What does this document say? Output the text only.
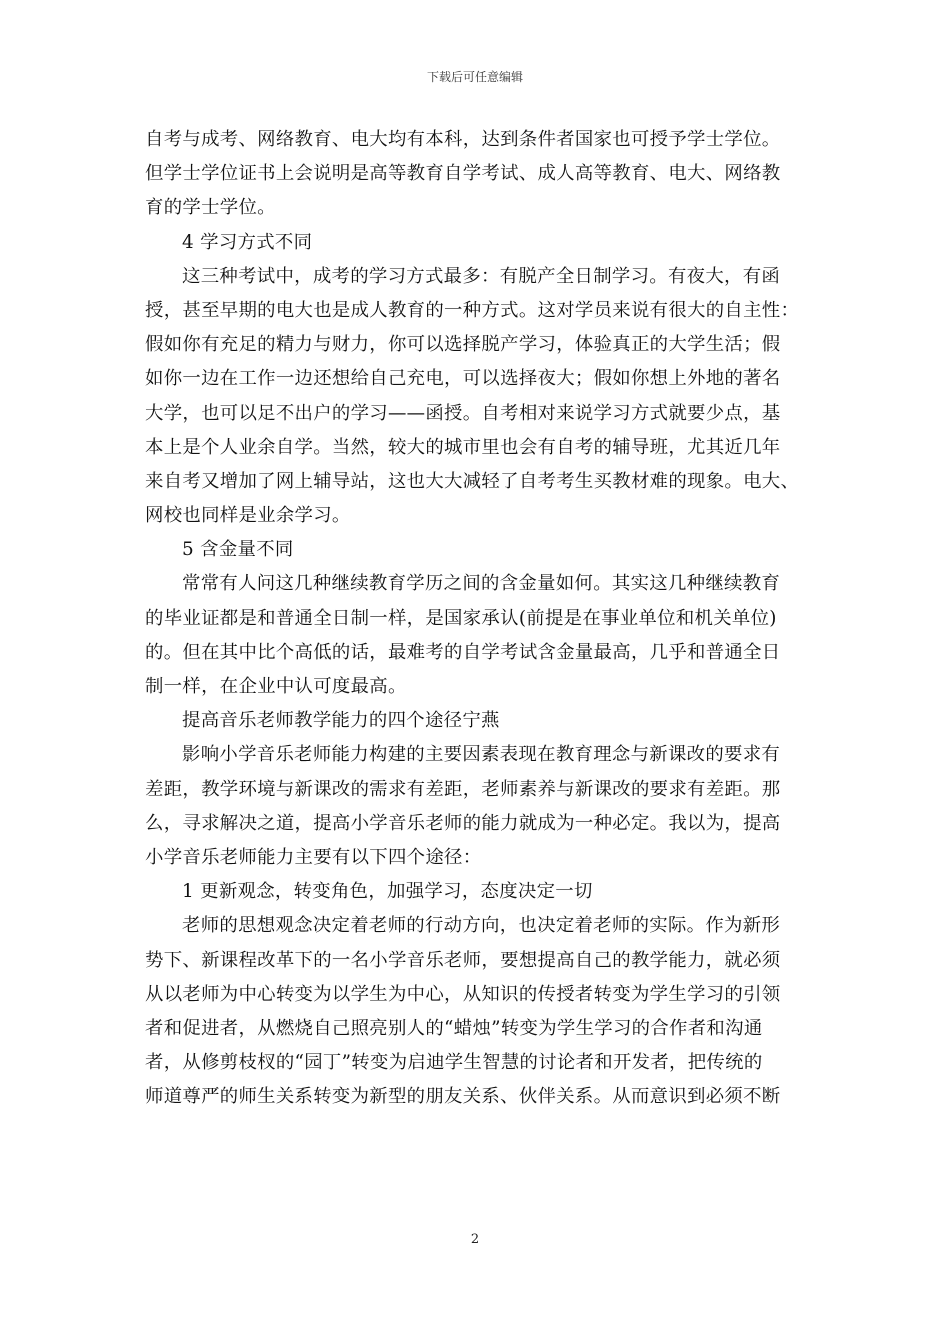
下载后可任意编辑
自考与成考、网络教育、电大均有本科，达到条件者国家也可授予学士学位。
但学士学位证书上会说明是高等教育自学考试、成人高等教育、电大、网络教
育的学士学位。
4 学习方式不同
这三种考试中，成考的学习方式最多：有脱产全日制学习。有夜大，有函
授，甚至早期的电大也是成人教育的一种方式。这对学员来说有很大的自主性：
假如你有充足的精力与财力，你可以选择脱产学习，体验真正的大学生活；假
如你一边在工作一边还想给自己充电，可以选择夜大；假如你想上外地的著名
大学，也可以足不出户的学习——函授。自考相对来说学习方式就要少点，基
本上是个人业余自学。当然，较大的城市里也会有自考的辅导班，尤其近几年
来自考又增加了网上辅导站，这也大大减轻了自考考生买教材难的现象。电大、
网校也同样是业余学习。
5 含金量不同
常常有人问这几种继续教育学历之间的含金量如何。其实这几种继续教育
的毕业证都是和普通全日制一样，是国家承认(前提是在事业单位和机关单位)
的。但在其中比个高低的话，最难考的自学考试含金量最高，几乎和普通全日
制一样，在企业中认可度最高。
提高音乐老师教学能力的四个途径宁燕
影响小学音乐老师能力构建的主要因素表现在教育理念与新课改的要求有
差距，教学环境与新课改的需求有差距，老师素养与新课改的要求有差距。那
么，寻求解决之道，提高小学音乐老师的能力就成为一种必定。我以为，提高
小学音乐老师能力主要有以下四个途径：
1 更新观念，转变角色，加强学习，态度决定一切
老师的思想观念决定着老师的行动方向，也决定着老师的实际。作为新形
势下、新课程改革下的一名小学音乐老师，要想提高自己的教学能力，就必须
从以老师为中心转变为以学生为中心，从知识的传授者转变为学生学习的引领
者和促进者，从燃烧自己照亮别人的“蜡烛”转变为学生学习的合作者和沟通
者，从修剪枝杈的“园丁”转变为启迪学生智慧的讨论者和开发者，把传统的
师道尊严的师生关系转变为新型的朋友关系、伙伴关系。从而意识到必须不断
2
